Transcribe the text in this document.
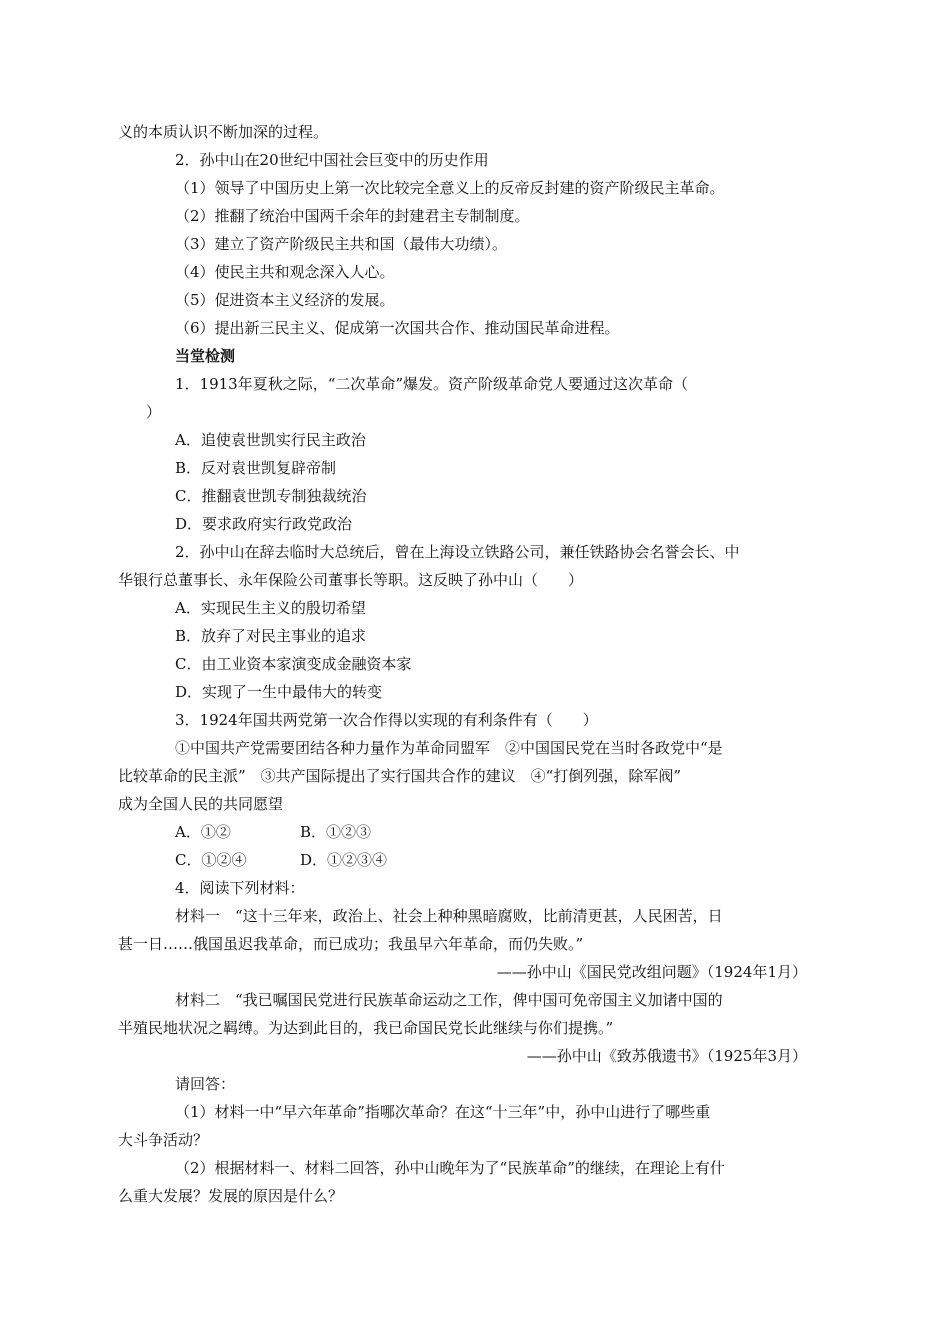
义的本质认识不断加深的过程。
2．孙中山在20世纪中国社会巨变中的历史作用
（1）领导了中国历史上第一次比较完全意义上的反帝反封建的资产阶级民主革命。
（2）推翻了统治中国两千余年的封建君主专制制度。
（3）建立了资产阶级民主共和国（最伟大功绩）。
（4）使民主共和观念深入人心。
（5）促进资本主义经济的发展。
（6）提出新三民主义、促成第一次国共合作、推动国民革命进程。
当堂检测
1．1913年夏秋之际，“二次革命”爆发。资产阶级革命党人要通过这次革命（
）
A．追使袁世凯实行民主政治
B．反对袁世凯复辟帝制
C．推翻袁世凯专制独裁统治
D．要求政府实行政党政治
2．孙中山在辞去临时大总统后，曾在上海设立铁路公司，兼任铁路协会名誉会长、中
华银行总董事长、永年保险公司董事长等职。这反映了孙中山（　　）
A．实现民生主义的殷切希望
B．放弃了对民主事业的追求
C．由工业资本家演变成金融资本家
D．实现了一生中最伟大的转变
3．1924年国共两党第一次合作得以实现的有利条件有（　　）
①中国共产党需要团结各种力量作为革命同盟军　②中国国民党在当时各政党中“是
比较革命的民主派”　③共产国际提出了实行国共合作的建议　④“打倒列强，除军阀”
成为全国人民的共同愿望
A．①②	B．①②③
C．①②④	D．①②③④
4．阅读下列材料：
材料一　“这十三年来，政治上、社会上种种黑暗腐败，比前清更甚，人民困苦，日
甚一日……俄国虽迟我革命，而已成功；我虽早六年革命，而仍失败。”
——孙中山《国民党改组问题》（1924年1月）
材料二　“我已嘱国民党进行民族革命运动之工作，俾中国可免帝国主义加诸中国的
半殖民地状况之羁缚。为达到此目的，我已命国民党长此继续与你们提携。”
——孙中山《致苏俄遗书》（1925年3月）
请回答：
（1）材料一中“早六年革命”指哪次革命？在这“十三年”中，孙中山进行了哪些重
大斗争活动？
（2）根据材料一、材料二回答，孙中山晚年为了“民族革命”的继续，在理论上有什
么重大发展？发展的原因是什么？
